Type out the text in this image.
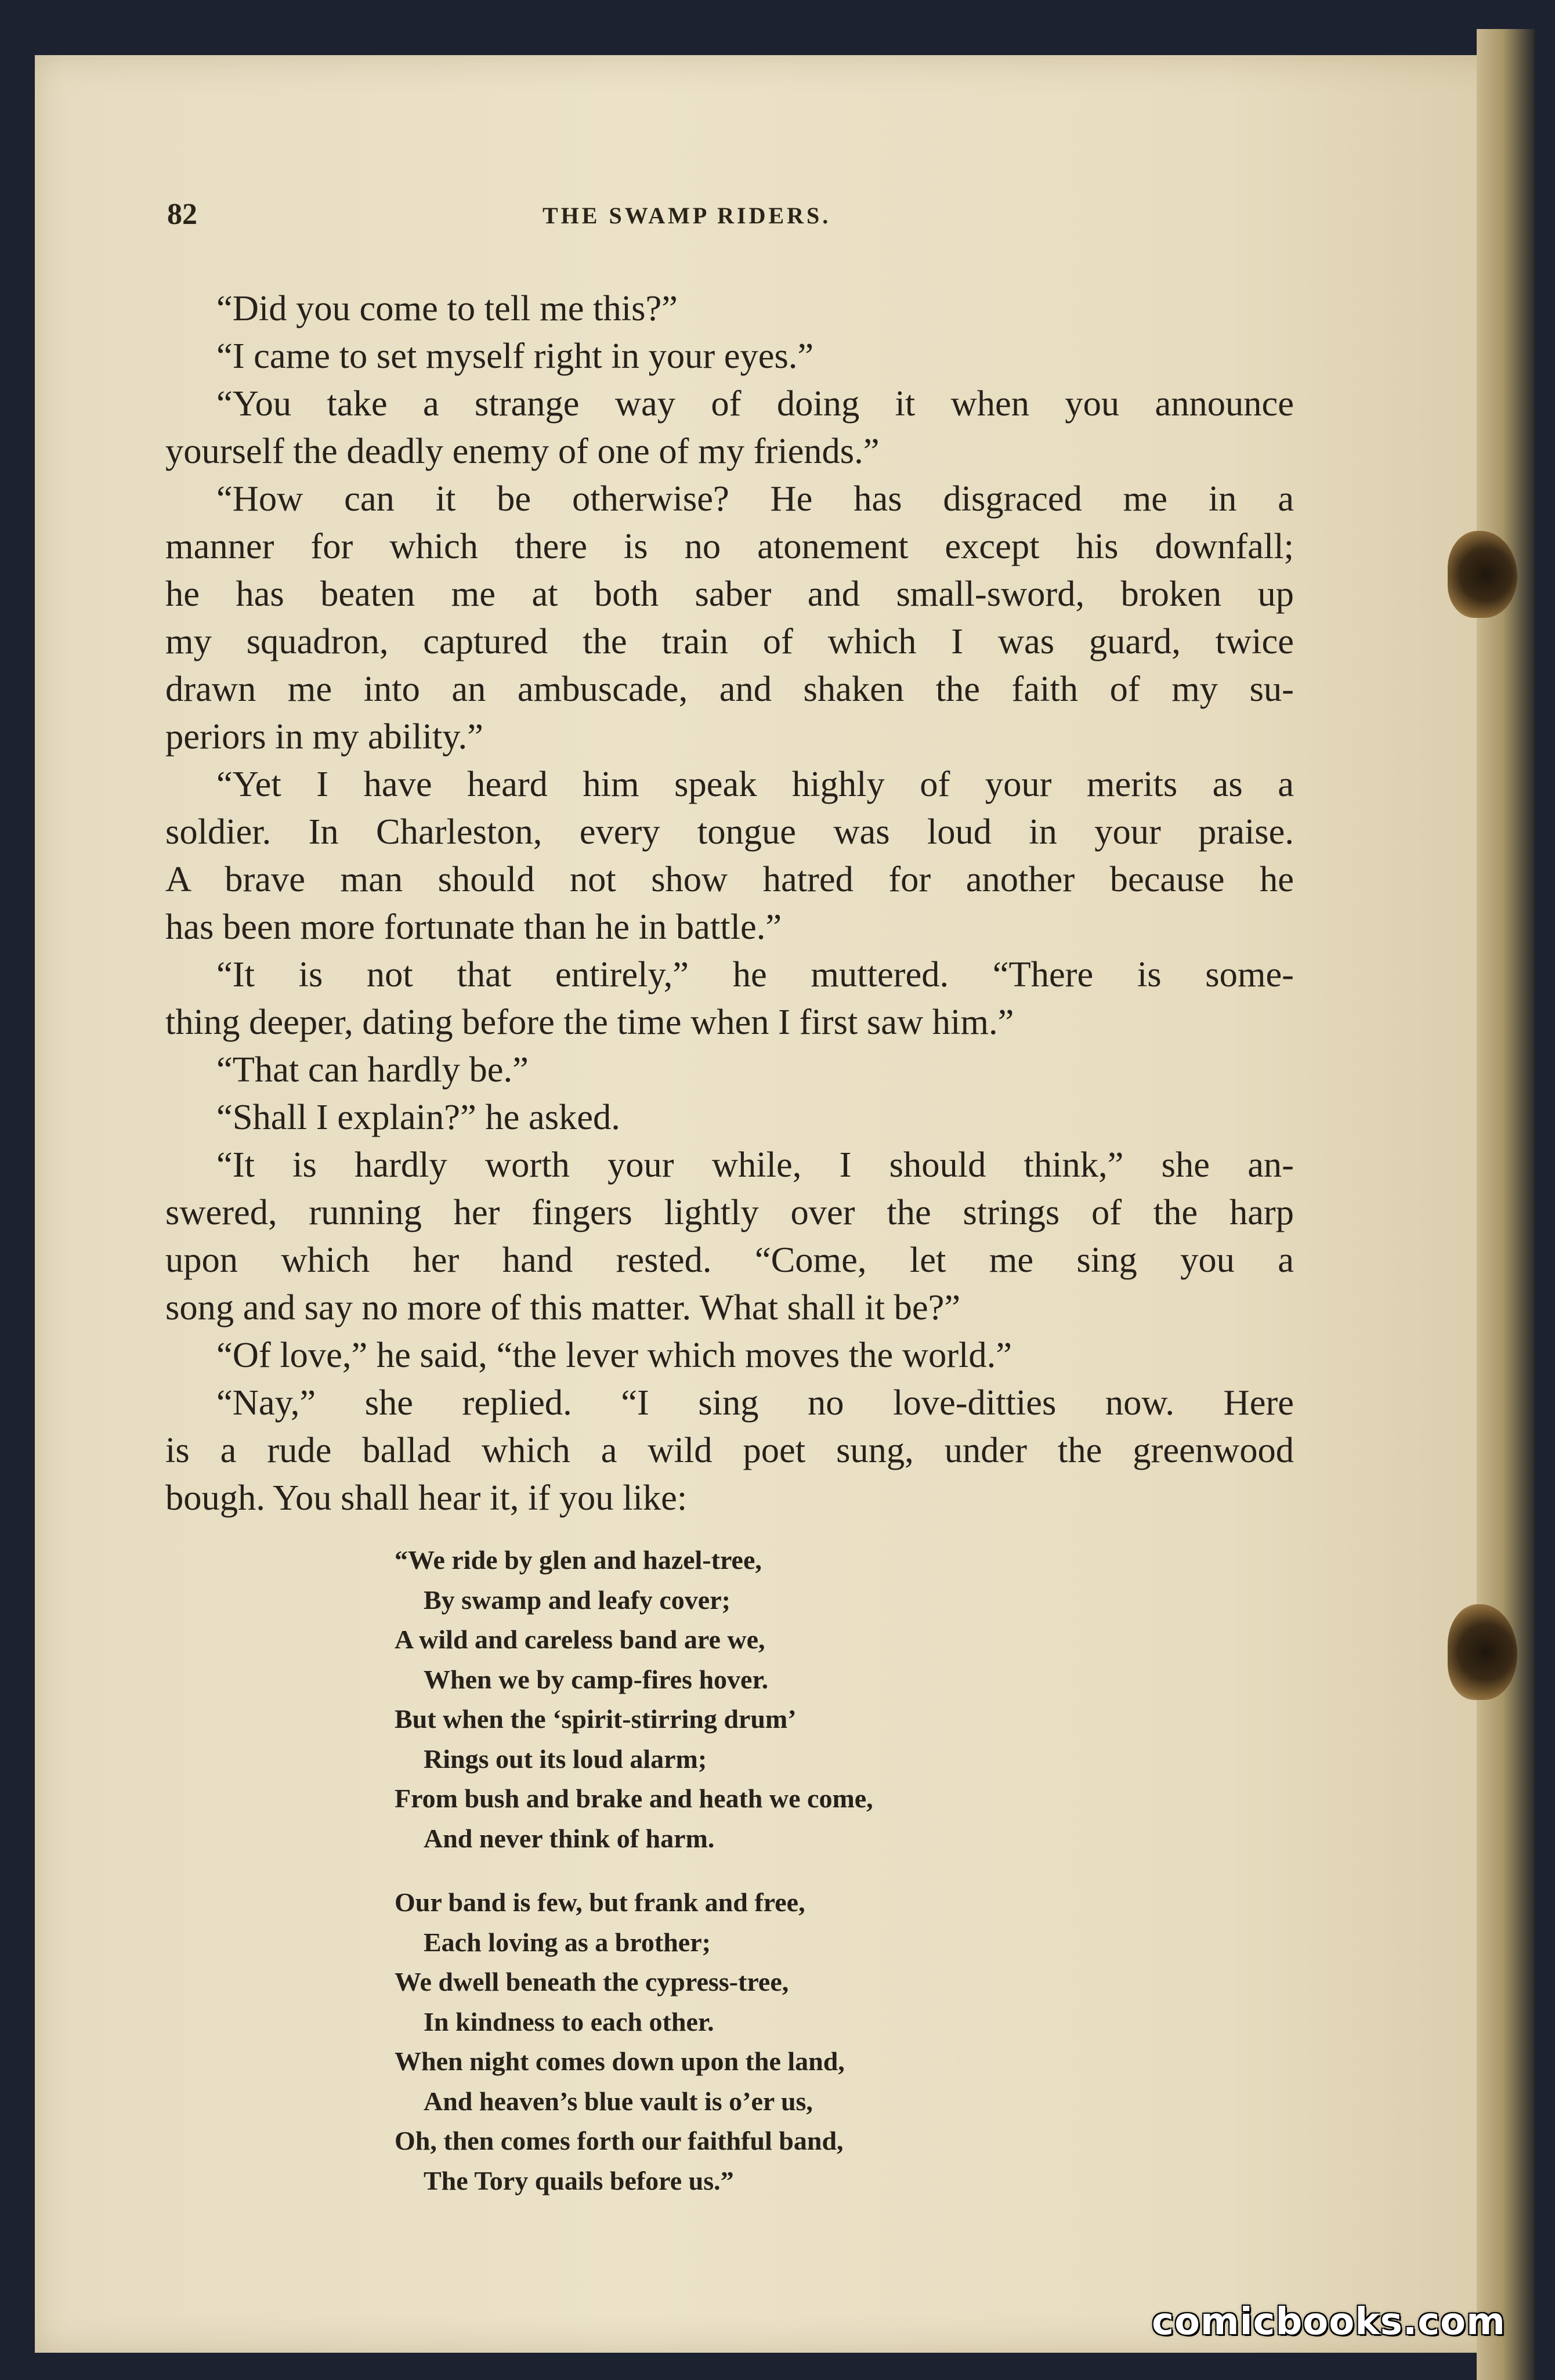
82	THE SWAMP RIDERS.
“Did you come to tell me this?”
“I came to set myself right in your eyes.”
“You take a strange way of doing it when you announce
yourself the deadly enemy of one of my friends.”
“How can it be otherwise? He has disgraced me in a
manner for which there is no atonement except his downfall;
he has beaten me at both saber and small-sword, broken up
my squadron, captured the train of which I was guard, twice
drawn me into an ambuscade, and shaken the faith of my su-
periors in my ability.”
“Yet I have heard him speak highly of your merits as a
soldier. In Charleston, every tongue was loud in your praise.
A brave man should not show hatred for another because he
has been more fortunate than he in battle.”
“It is not that entirely,” he muttered. “There is some-
thing deeper, dating before the time when I first saw him.”
“That can hardly be.”
“Shall I explain?” he asked.
“It is hardly worth your while, I should think,” she an-
swered, running her fingers lightly over the strings of the harp
upon which her hand rested. “Come, let me sing you a
song and say no more of this matter. What shall it be?”
“Of love,” he said, “the lever which moves the world.”
“Nay,” she replied. “I sing no love-ditties now. Here
is a rude ballad which a wild poet sung, under the greenwood
bough. You shall hear it, if you like:
“We ride by glen and hazel-tree,
By swamp and leafy cover;
A wild and careless band are we,
When we by camp-fires hover.
But when the ‘spirit-stirring drum’
Rings out its loud alarm;
From bush and brake and heath we come,
And never think of harm.
Our band is few, but frank and free,
Each loving as a brother;
We dwell beneath the cypress-tree,
In kindness to each other.
When night comes down upon the land,
And heaven’s blue vault is o’er us,
Oh, then comes forth our faithful band,
The Tory quails before us.”
comicbooks.com
